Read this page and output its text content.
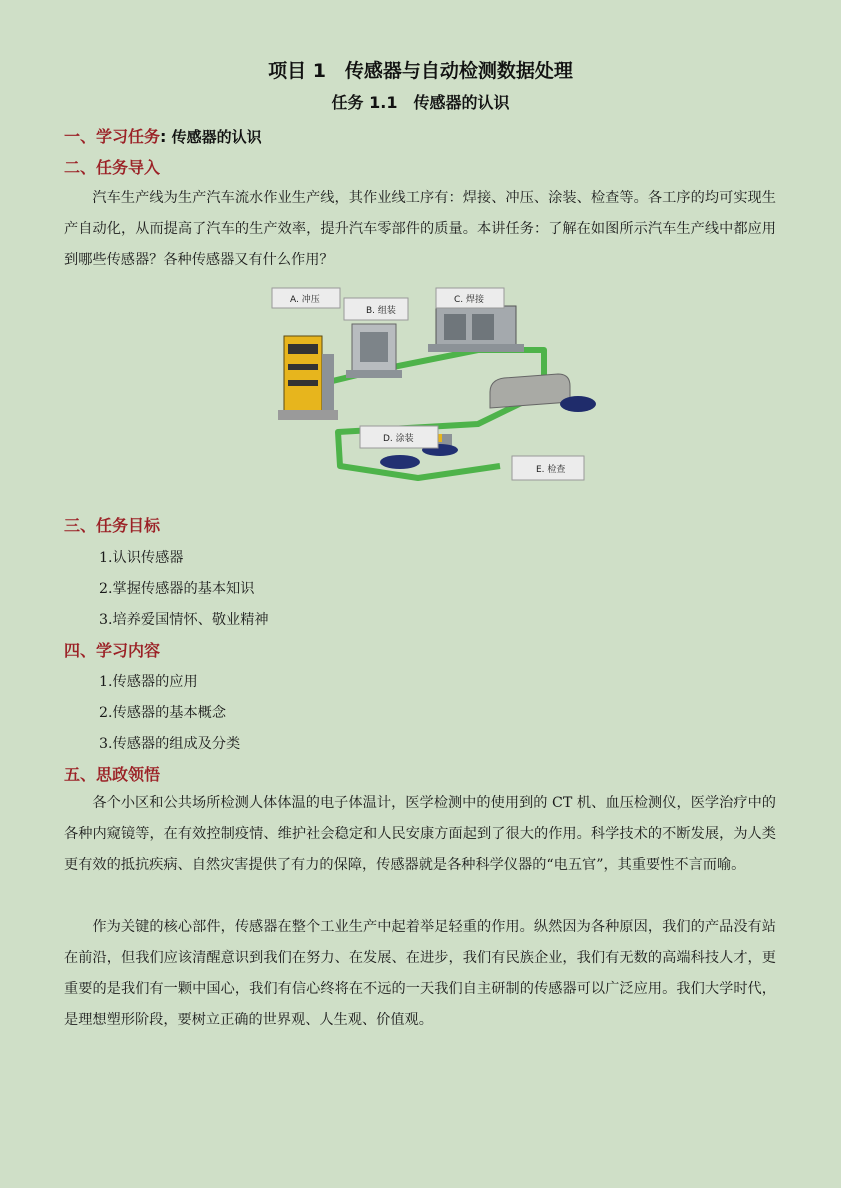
项目 1　传感器与自动检测数据处理
任务 1.1　传感器的认识
一、学习任务: 传感器的认识
二、任务导入
汽车生产线为生产汽车流水作业生产线，其作业线工序有：焊接、冲压、涂装、检查等。各工序的均可实现生产自动化，从而提高了汽车的生产效率，提升汽车零部件的质量。本讲任务：了解在如图所示汽车生产线中都应用到哪些传感器？各种传感器又有什么作用？
A. 冲压
B. 组装
C. 焊接
D. 涂装
E. 检查
三、任务目标
1.认识传感器
2.掌握传感器的基本知识
3.培养爱国情怀、敬业精神
四、学习内容
1.传感器的应用
2.传感器的基本概念
3.传感器的组成及分类
五、思政领悟
各个小区和公共场所检测人体体温的电子体温计，医学检测中的使用到的 CT 机、血压检测仪，医学治疗中的各种内窥镜等，在有效控制疫情、维护社会稳定和人民安康方面起到了很大的作用。科学技术的不断发展，为人类更有效的抵抗疾病、自然灾害提供了有力的保障，传感器就是各种科学仪器的“电五官”，其重要性不言而喻。
作为关键的核心部件，传感器在整个工业生产中起着举足轻重的作用。纵然因为各种原因，我们的产品没有站在前沿，但我们应该清醒意识到我们在努力、在发展、在进步，我们有民族企业，我们有无数的高端科技人才，更重要的是我们有一颗中国心，我们有信心终将在不远的一天我们自主研制的传感器可以广泛应用。我们大学时代，是理想塑形阶段，要树立正确的世界观、人生观、价值观。
